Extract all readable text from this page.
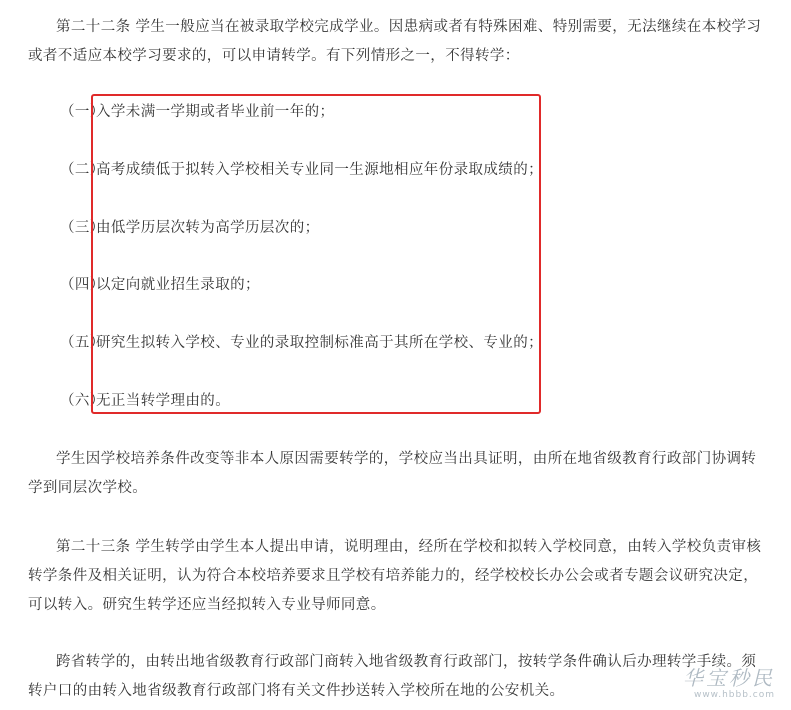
第二十二条 学生一般应当在被录取学校完成学业。因患病或者有特殊困难、特别需要，无法继续在本校学习
或者不适应本校学习要求的，可以申请转学。有下列情形之一，不得转学：

（一）入学未满一学期或者毕业前一年的；
（二）高考成绩低于拟转入学校相关专业同一生源地相应年份录取成绩的；
（三）由低学历层次转为高学历层次的；
（四）以定向就业招生录取的；
（五）研究生拟转入学校、专业的录取控制标准高于其所在学校、专业的；
（六）无正当转学理由的。

学生因学校培养条件改变等非本人原因需要转学的，学校应当出具证明，由所在地省级教育行政部门协调转
学到同层次学校。

第二十三条 学生转学由学生本人提出申请，说明理由，经所在学校和拟转入学校同意，由转入学校负责审核
转学条件及相关证明，认为符合本校培养要求且学校有培养能力的，经学校校长办公会或者专题会议研究决定，
可以转入。研究生转学还应当经拟转入专业导师同意。

跨省转学的，由转出地省级教育行政部门商转入地省级教育行政部门，按转学条件确认后办理转学手续。须
转户口的由转入地省级教育行政部门将有关文件抄送转入学校所在地的公安机关。

华宝秒民
www.hbbb.com
